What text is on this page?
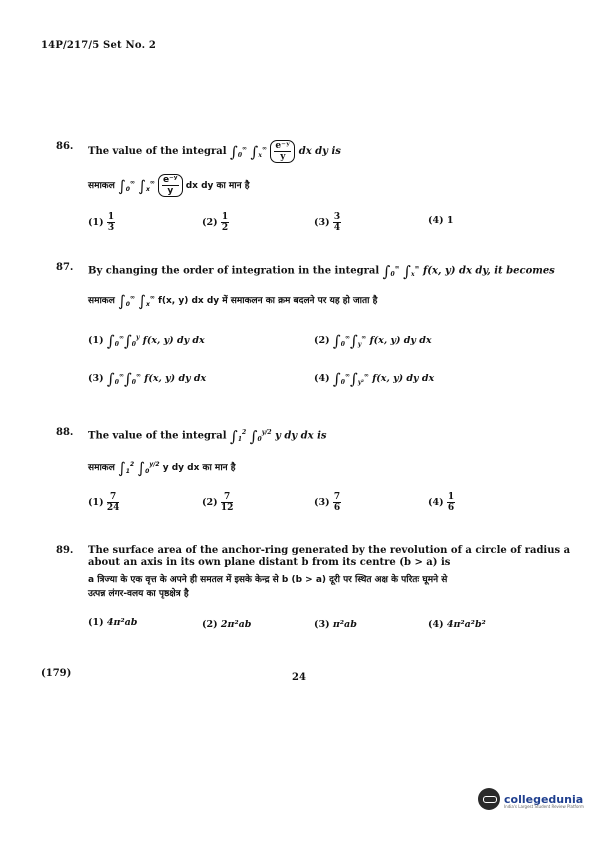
14P/217/5 Set No. 2
86. The value of the integral $\int_0^\infty$ $\int_x^\infty \frac{\text{e⁻ʸ}}{y}$ dx dy is
समाकल $\int_0^\infty$ $\int_x^\infty \frac{\text{e⁻ʸ}}{y}$ dx dy का मान है
$(1) \frac{1}{3}$	$(2) \frac{1}{2}$	$(3) \frac{3}{4}$	(4) 1
87. By changing the order of integration in the integral $\int_0^\infty$ $\int_x^\infty$ f(x, y) dx dy, it becomes
समाकल $\int_0^\infty$ $\int_x^\infty$ f(x, y) dx dy में समाकलन का क्रम बदलने पर यह हो जाता है
(1) $\int_0^\infty\int_0^y$ f(x, y) dy dx	(2) $\int_0^\infty\int_y^\infty$ f(x, y) dy dx
(3) $\int_0^\infty\int_0^\infty$ f(x, y) dy dx	(4) $\int_0^\infty\int_{y^2}^\infty$ f(x, y) dy dx
88. The value of the integral $\int_1^2$ $\int_0^{y/2}$ y dy dx is
समाकल $\int_1^2$ $\int_0^{y/2}$ y dy dx का मान है
$(1) \frac{7}{24}$	$(2) \frac{7}{12}$	$(3) \frac{7}{6}$	$(4) \frac{1}{6}$
89. The surface area of the anchor-ring generated by the revolution of a circle of radius a
about an axis in its own plane distant b from its centre (b > a) is
a त्रिज्या के एक वृत्त के अपने ही समतल में इसके केन्द्र से b (b > a) दूरी पर स्थित अक्ष के परितः घूमने से
उत्पन्न लंगर-वलय का पृष्ठक्षेत्र है
(1) 4π²ab	(2) 2π²ab	(3) π²ab	(4) 4π²a²b²
(179)	24
collegedunia
India's Largest Student Review Platform
